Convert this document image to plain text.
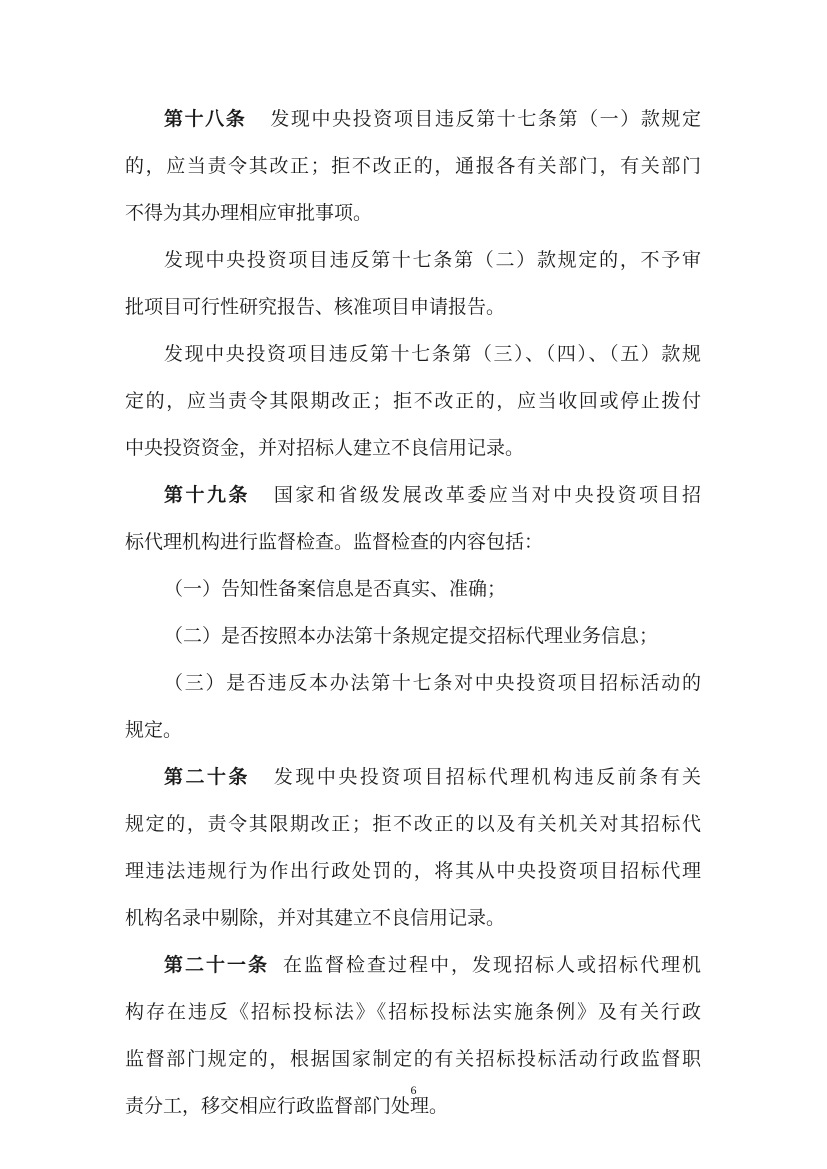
第十八条 发现中央投资项目违反第十七条第（一）款规定
的，应当责令其改正；拒不改正的，通报各有关部门，有关部门
不得为其办理相应审批事项。
发现中央投资项目违反第十七条第（二）款规定的，不予审
批项目可行性研究报告、核准项目申请报告。
发现中央投资项目违反第十七条第（三）、（四）、（五）款规
定的，应当责令其限期改正；拒不改正的，应当收回或停止拨付
中央投资资金，并对招标人建立不良信用记录。
第十九条 国家和省级发展改革委应当对中央投资项目招
标代理机构进行监督检查。监督检查的内容包括：
（一）告知性备案信息是否真实、准确；
（二）是否按照本办法第十条规定提交招标代理业务信息；
（三）是否违反本办法第十七条对中央投资项目招标活动的
规定。
第二十条 发现中央投资项目招标代理机构违反前条有关
规定的，责令其限期改正；拒不改正的以及有关机关对其招标代
理违法违规行为作出行政处罚的，将其从中央投资项目招标代理
机构名录中剔除，并对其建立不良信用记录。
第二十一条 在监督检查过程中，发现招标人或招标代理机
构存在违反《招标投标法》《招标投标法实施条例》及有关行政
监督部门规定的，根据国家制定的有关招标投标活动行政监督职
责分工，移交相应行政监督部门处理。
6
